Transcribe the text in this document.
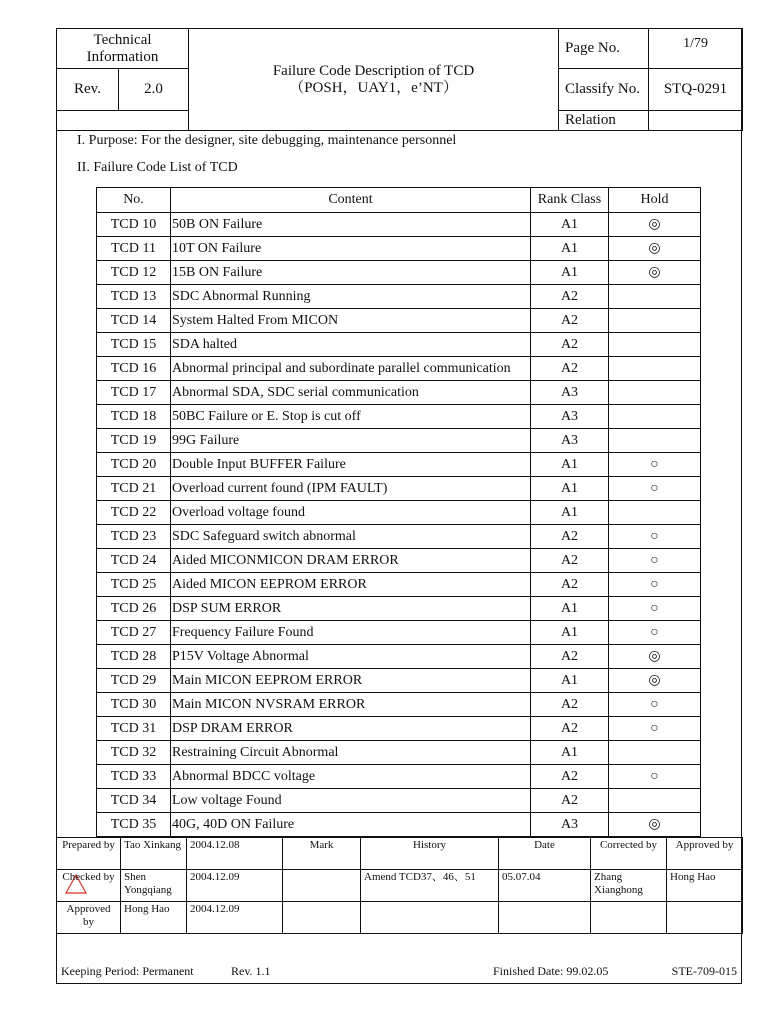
Technical Information		Failure Code Description of TCD
（POSH，UAY1，e’NT）	Page No.	1/79
Rev.	2.0		Classify No.	STQ-0291
			Relation	
I. Purpose: For the designer, site debugging, maintenance personnel
II. Failure Code List of TCD
No.	Content	Rank Class	Hold
TCD 10	50B ON Failure	A1	◎
TCD 11	10T ON Failure	A1	◎
TCD 12	15B ON Failure	A1	◎
TCD 13	SDC Abnormal Running	A2	
TCD 14	System Halted From MICON	A2	
TCD 15	SDA halted	A2	
TCD 16	Abnormal principal and subordinate parallel communication	A2	
TCD 17	Abnormal SDA, SDC serial communication	A3	
TCD 18	50BC Failure or E. Stop is cut off	A3	
TCD 19	99G Failure	A3	
TCD 20	Double Input BUFFER Failure	A1	○
TCD 21	Overload current found (IPM FAULT)	A1	○
TCD 22	Overload voltage found	A1	
TCD 23	SDC Safeguard switch abnormal	A2	○
TCD 24	Aided MICONMICON DRAM ERROR	A2	○
TCD 25	Aided MICON EEPROM ERROR	A2	○
TCD 26	DSP SUM ERROR	A1	○
TCD 27	Frequency Failure Found	A1	○
TCD 28	P15V Voltage Abnormal	A2	◎
TCD 29	Main MICON EEPROM ERROR	A1	◎
TCD 30	Main MICON NVSRAM ERROR	A2	○
TCD 31	DSP DRAM ERROR	A2	○
TCD 32	Restraining Circuit Abnormal	A1	
TCD 33	Abnormal BDCC voltage	A2	○
TCD 34	Low voltage Found	A2	
TCD 35	40G, 40D ON Failure	A3	◎
Prepared by	Tao Xinkang	2004.12.08	Mark	History	Date	Corrected by	Approved by

Checked by	Shen Yongqiang	2004.12.09		Amend TCD37、46、51	05.07.04	Zhang Xianghong	Hong Hao
Approved by	Hong Hao	2004.12.09					
Keeping Period: Permanent	Rev. 1.1	Finished Date: 99.02.05	STE-709-015
